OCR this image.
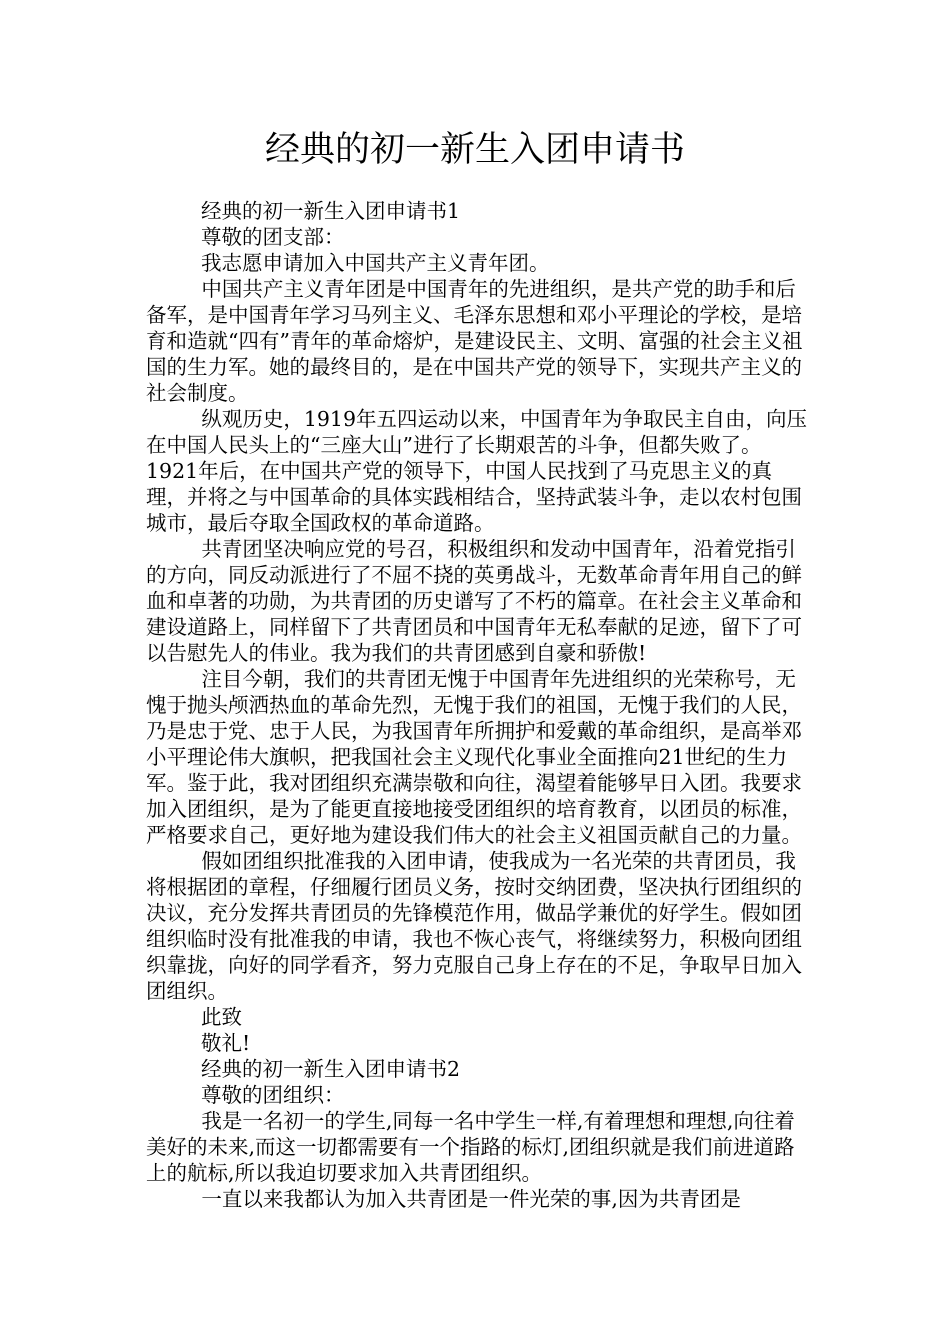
经典的初一新生入团申请书

经典的初一新生入团申请书1

尊敬的团支部：

我志愿申请加入中国共产主义青年团。

中国共产主义青年团是中国青年的先进组织，是共产党的助手和后备军，是中国青年学习马列主义、毛泽东思想和邓小平理论的学校，是培育和造就“四有”青年的革命熔炉，是建设民主、文明、富强的社会主义祖国的生力军。她的最终目的，是在中国共产党的领导下，实现共产主义的社会制度。

纵观历史，1919年五四运动以来，中国青年为争取民主自由，向压在中国人民头上的“三座大山”进行了长期艰苦的斗争，但都失败了。1921年后，在中国共产党的领导下，中国人民找到了马克思主义的真理，并将之与中国革命的具体实践相结合，坚持武装斗争，走以农村包围城市，最后夺取全国政权的革命道路。

共青团坚决响应党的号召，积极组织和发动中国青年，沿着党指引的方向，同反动派进行了不屈不挠的英勇战斗，无数革命青年用自己的鲜血和卓著的功勋，为共青团的历史谱写了不朽的篇章。在社会主义革命和建设道路上，同样留下了共青团员和中国青年无私奉献的足迹，留下了可以告慰先人的伟业。我为我们的共青团感到自豪和骄傲!

注目今朝，我们的共青团无愧于中国青年先进组织的光荣称号，无愧于抛头颅洒热血的革命先烈，无愧于我们的祖国，无愧于我们的人民，乃是忠于党、忠于人民，为我国青年所拥护和爱戴的革命组织，是高举邓小平理论伟大旗帜，把我国社会主义现代化事业全面推向21世纪的生力军。鉴于此，我对团组织充满崇敬和向往，渴望着能够早日入团。我要求加入团组织，是为了能更直接地接受团组织的培育教育，以团员的标准，严格要求自己，更好地为建设我们伟大的社会主义祖国贡献自己的力量。

假如团组织批准我的入团申请，使我成为一名光荣的共青团员，我将根据团的章程，仔细履行团员义务，按时交纳团费，坚决执行团组织的决议，充分发挥共青团员的先锋模范作用，做品学兼优的好学生。假如团组织临时没有批准我的申请，我也不恢心丧气，将继续努力，积极向团组织靠拢，向好的同学看齐，努力克服自己身上存在的不足，争取早日加入团组织。

此致

敬礼!

经典的初一新生入团申请书2

尊敬的团组织：

我是一名初一的学生,同每一名中学生一样,有着理想和理想,向往着美好的未来,而这一切都需要有一个指路的标灯,团组织就是我们前进道路上的航标,所以我迫切要求加入共青团组织。

一直以来我都认为加入共青团是一件光荣的事,因为共青团是
